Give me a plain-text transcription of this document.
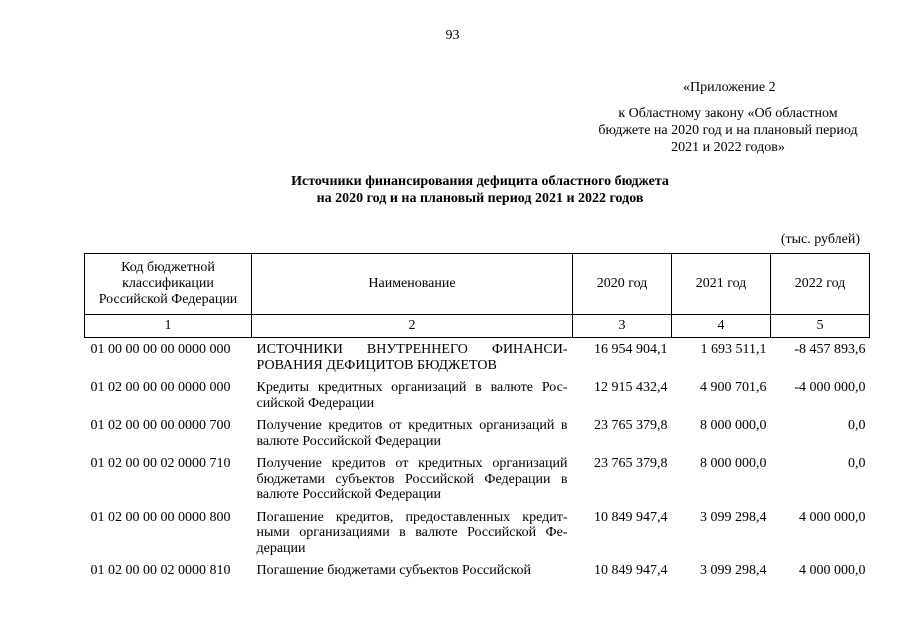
93
«Приложение 2
к Областному закону «Об областном бюджете на 2020 год и на плановый период 2021 и 2022 годов»
Источники финансирования дефицита областного бюджета
на 2020 год и на плановый период 2021 и 2022 годов
(тыс. рублей)
Код бюджетной классификации Российской Федерации	Наименование	2020 год	2021 год	2022 год
1	2	3	4	5
01 00 00 00 00 0000 000	ИСТОЧНИКИ ВНУТРЕННЕГО ФИНАНСИ-РОВАНИЯ ДЕФИЦИТОВ БЮДЖЕТОВ	16 954 904,1	1 693 511,1	-8 457 893,6
01 02 00 00 00 0000 000	Кредиты кредитных организаций в валюте Рос-сийской Федерации	12 915 432,4	4 900 701,6	-4 000 000,0
01 02 00 00 00 0000 700	Получение кредитов от кредитных организаций в валюте Российской Федерации	23 765 379,8	8 000 000,0	0,0
01 02 00 00 02 0000 710	Получение кредитов от кредитных организаций бюджетами субъектов Российской Федерации в валюте Российской Федерации	23 765 379,8	8 000 000,0	0,0
01 02 00 00 00 0000 800	Погашение кредитов, предоставленных кредит-ными организациями в валюте Российской Фе-дерации	10 849 947,4	3 099 298,4	4 000 000,0
01 02 00 00 02 0000 810	Погашение бюджетами субъектов Российской	10 849 947,4	3 099 298,4	4 000 000,0
